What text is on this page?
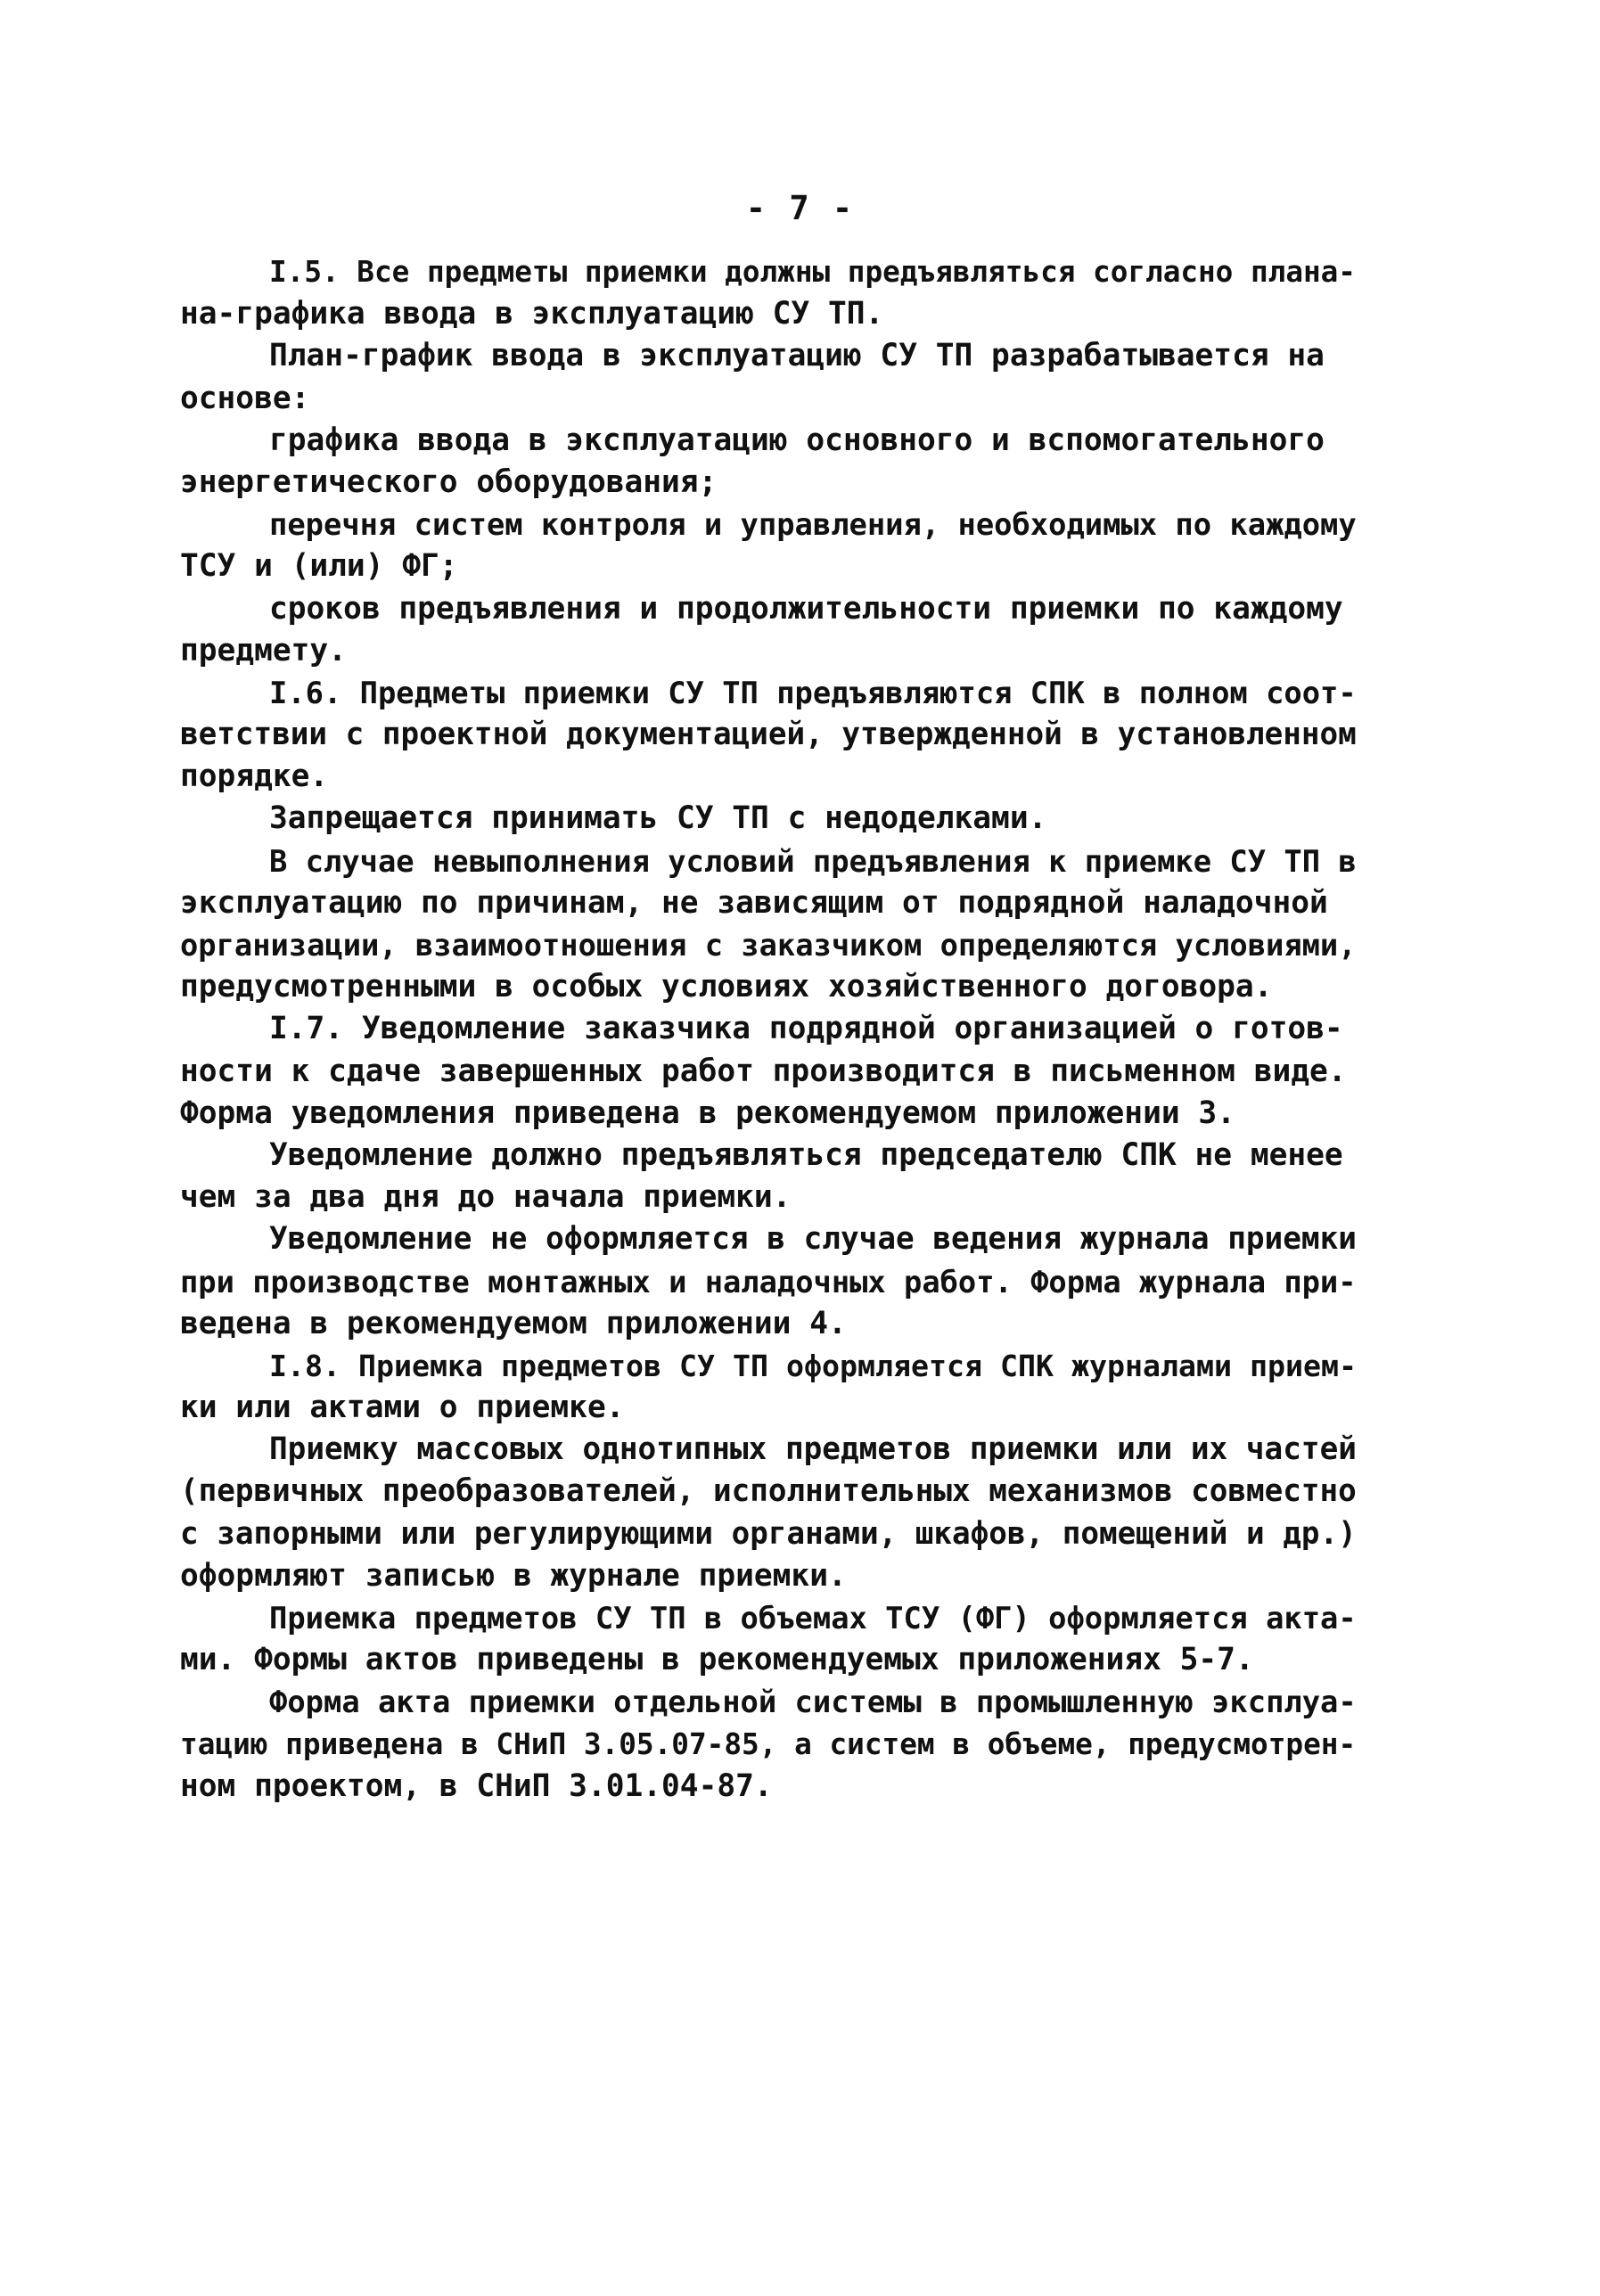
- 7 -
I.5. Все предметы приемки должны предъявляться согласно плана-
на-графика ввода в эксплуатацию СУ ТП.
План-график ввода в эксплуатацию СУ ТП разрабатывается на
основе:
графика ввода в эксплуатацию основного и вспомогательного
энергетического оборудования;
перечня систем контроля и управления, необходимых по каждому
ТСУ и (или) ФГ;
сроков предъявления и продолжительности приемки по каждому
предмету.
I.6. Предметы приемки СУ ТП предъявляются СПК в полном соот-
ветствии с проектной документацией, утвержденной в установленном
порядке.
Запрещается принимать СУ ТП с недоделками.
В случае невыполнения условий предъявления к приемке СУ ТП в
эксплуатацию по причинам, не зависящим от подрядной наладочной
организации, взаимоотношения с заказчиком определяются условиями,
предусмотренными в особых условиях хозяйственного договора.
I.7. Уведомление заказчика подрядной организацией о готов-
ности к сдаче завершенных работ производится в письменном виде.
Форма уведомления приведена в рекомендуемом приложении 3.
Уведомление должно предъявляться председателю СПК не менее
чем за два дня до начала приемки.
Уведомление не оформляется в случае ведения журнала приемки
при производстве монтажных и наладочных работ. Форма журнала при-
ведена в рекомендуемом приложении 4.
I.8. Приемка предметов СУ ТП оформляется СПК журналами прием-
ки или актами о приемке.
Приемку массовых однотипных предметов приемки или их частей
(первичных преобразователей, исполнительных механизмов совместно
с запорными или регулирующими органами, шкафов, помещений и др.)
оформляют записью в журнале приемки.
Приемка предметов СУ ТП в объемах ТСУ (ФГ) оформляется акта-
ми. Формы актов приведены в рекомендуемых приложениях 5-7.
Форма акта приемки отдельной системы в промышленную эксплуа-
тацию приведена в СНиП 3.05.07-85, а систем в объеме, предусмотрен-
ном проектом, в СНиП 3.01.04-87.
